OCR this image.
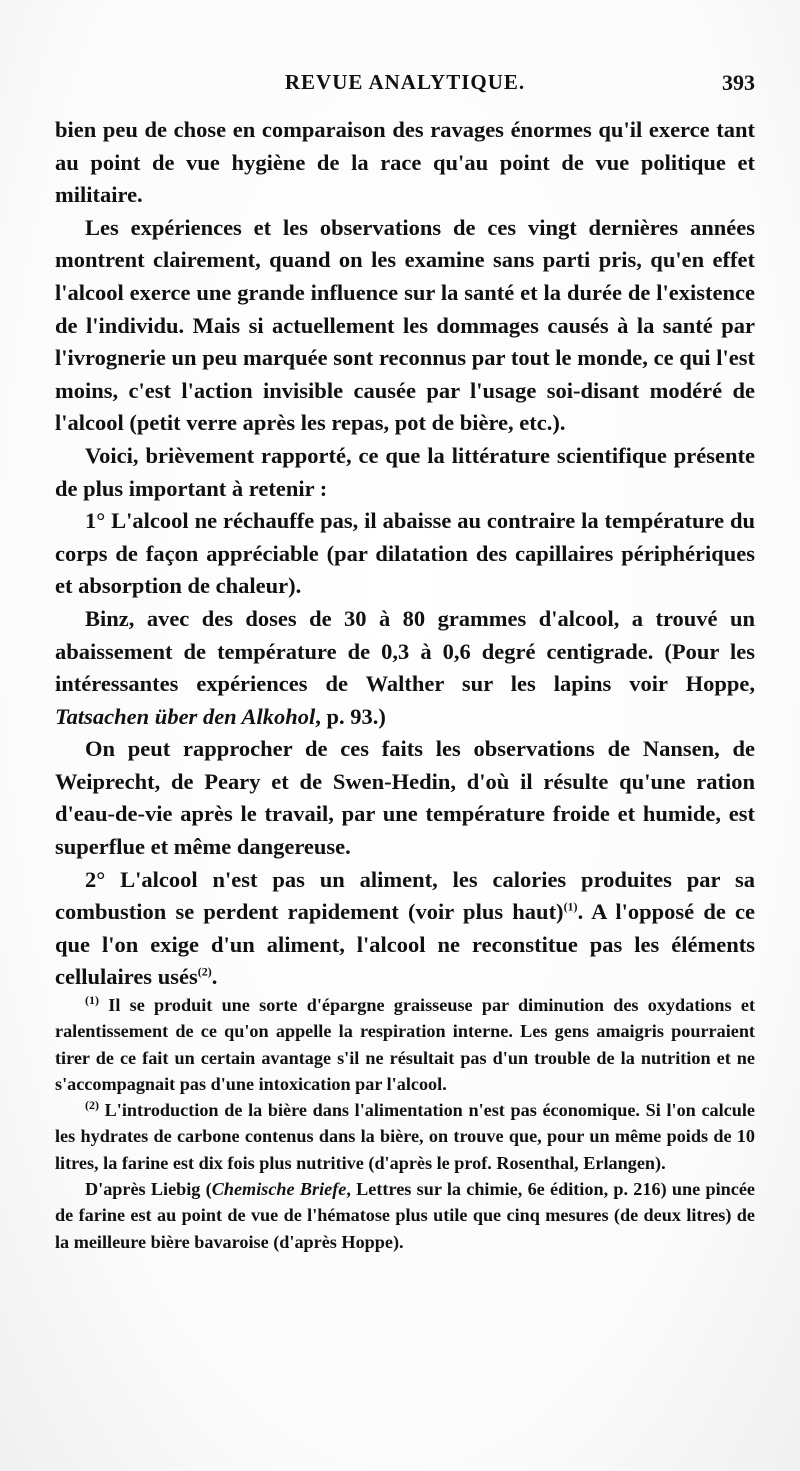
REVUE ANALYTIQUE.	393

bien peu de chose en comparaison des ravages énormes qu'il exerce tant au point de vue hygiène de la race qu'au point de vue politique et militaire.

Les expériences et les observations de ces vingt dernières années montrent clairement, quand on les examine sans parti pris, qu'en effet l'alcool exerce une grande influence sur la santé et la durée de l'existence de l'individu. Mais si actuellement les dommages causés à la santé par l'ivrognerie un peu marquée sont reconnus par tout le monde, ce qui l'est moins, c'est l'action invisible causée par l'usage soi-disant modéré de l'alcool (petit verre après les repas, pot de bière, etc.).

Voici, brièvement rapporté, ce que la littérature scientifique présente de plus important à retenir :

1° L'alcool ne réchauffe pas, il abaisse au contraire la température du corps de façon appréciable (par dilatation des capillaires périphériques et absorption de chaleur).

Binz, avec des doses de 30 à 80 grammes d'alcool, a trouvé un abaissement de température de 0,3 à 0,6 degré centigrade. (Pour les intéressantes expériences de Walther sur les lapins voir Hoppe, Tatsachen über den Alkohol, p. 93.)

On peut rapprocher de ces faits les observations de Nansen, de Weiprecht, de Peary et de Swen-Hedin, d'où il résulte qu'une ration d'eau-de-vie après le travail, par une température froide et humide, est superflue et même dangereuse.

2° L'alcool n'est pas un aliment, les calories produites par sa combustion se perdent rapidement (voir plus haut)$^{(1)}$. A l'opposé de ce que l'on exige d'un aliment, l'alcool ne reconstitue pas les éléments cellulaires usés$^{(2)}$.

$^{(1)}$ Il se produit une sorte d'épargne graisseuse par diminution des oxydations et ralentissement de ce qu'on appelle la respiration interne. Les gens amaigris pourraient tirer de ce fait un certain avantage s'il ne résultait pas d'un trouble de la nutrition et ne s'accompagnait pas d'une intoxication par l'alcool.

$^{(2)}$ L'introduction de la bière dans l'alimentation n'est pas économique. Si l'on calcule les hydrates de carbone contenus dans la bière, on trouve que, pour un même poids de 10 litres, la farine est dix fois plus nutritive (d'après le prof. Rosenthal, Erlangen).

D'après Liebig (Chemische Briefe, Lettres sur la chimie, 6e édition, p. 216) une pincée de farine est au point de vue de l'hématose plus utile que cinq mesures (de deux litres) de la meilleure bière bavaroise (d'après Hoppe).
